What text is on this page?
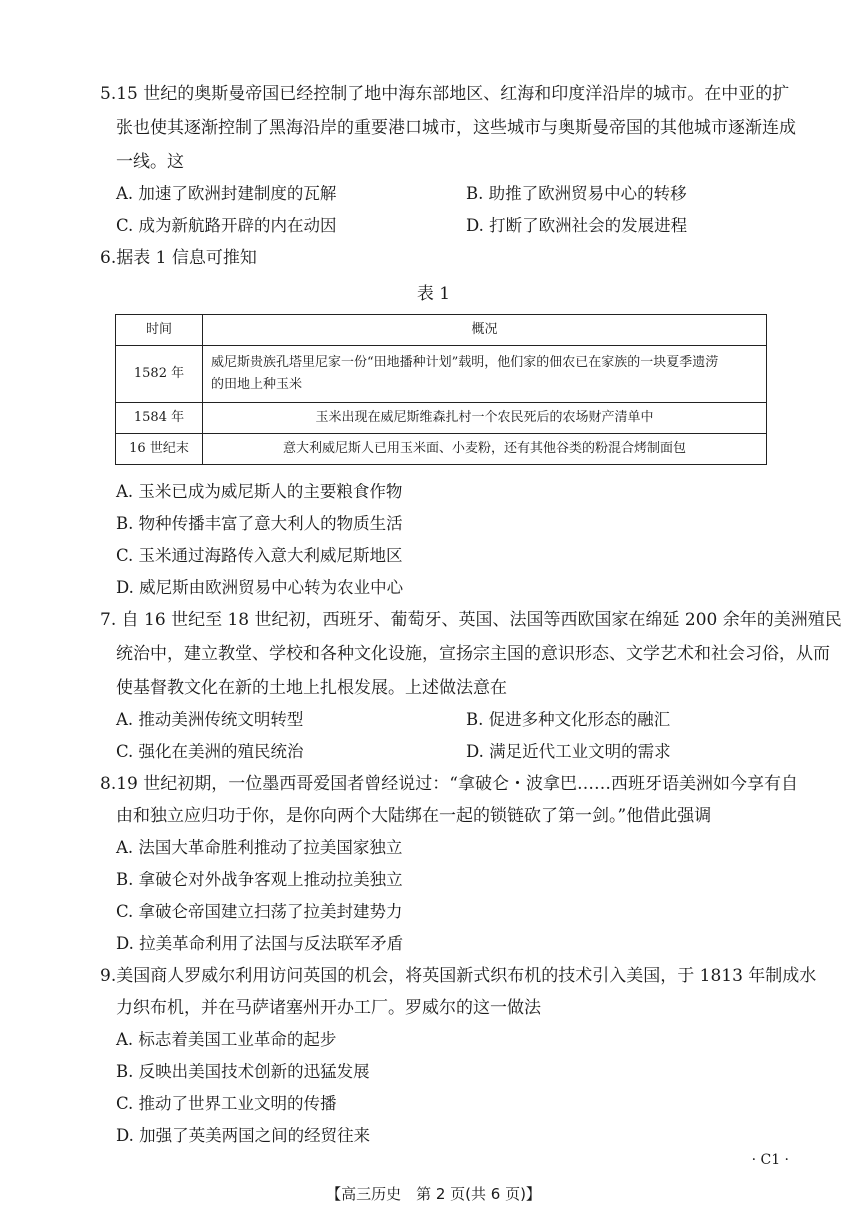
5.15 世纪的奥斯曼帝国已经控制了地中海东部地区、红海和印度洋沿岸的城市。在中亚的扩
张也使其逐渐控制了黑海沿岸的重要港口城市，这些城市与奥斯曼帝国的其他城市逐渐连成
一线。这
A. 加速了欧洲封建制度的瓦解	B. 助推了欧洲贸易中心的转移
C. 成为新航路开辟的内在动因	D. 打断了欧洲社会的发展进程
6.据表 1 信息可推知
表 1
时间	概况
1582 年	威尼斯贵族孔塔里尼家一份“田地播种计划”载明，他们家的佃农已在家族的一块夏季遗涝
的田地上种玉米

1584 年	玉米出现在威尼斯维森扎村一个农民死后的农场财产清单中
16 世纪末	意大利威尼斯人已用玉米面、小麦粉，还有其他谷类的粉混合烤制面包
A. 玉米已成为威尼斯人的主要粮食作物
B. 物种传播丰富了意大利人的物质生活
C. 玉米通过海路传入意大利威尼斯地区
D. 威尼斯由欧洲贸易中心转为农业中心
7. 自 16 世纪至 18 世纪初，西班牙、葡萄牙、英国、法国等西欧国家在绵延 200 余年的美洲殖民
统治中，建立教堂、学校和各种文化设施，宣扬宗主国的意识形态、文学艺术和社会习俗，从而
使基督教文化在新的土地上扎根发展。上述做法意在
A. 推动美洲传统文明转型	B. 促进多种文化形态的融汇
C. 强化在美洲的殖民统治	D. 满足近代工业文明的需求
8.19 世纪初期，一位墨西哥爱国者曾经说过：“拿破仑・波拿巴……西班牙语美洲如今享有自
由和独立应归功于你，是你向两个大陆绑在一起的锁链砍了第一剑。”他借此强调
A. 法国大革命胜利推动了拉美国家独立
B. 拿破仑对外战争客观上推动拉美独立
C. 拿破仑帝国建立扫荡了拉美封建势力
D. 拉美革命利用了法国与反法联军矛盾
9.美国商人罗威尔利用访问英国的机会，将英国新式织布机的技术引入美国，于 1813 年制成水
力织布机，并在马萨诸塞州开办工厂。罗威尔的这一做法
A. 标志着美国工业革命的起步
B. 反映出美国技术创新的迅猛发展
C. 推动了世界工业文明的传播
D. 加强了英美两国之间的经贸往来
· C1 ·
【高三历史　第 2 页(共 6 页)】
